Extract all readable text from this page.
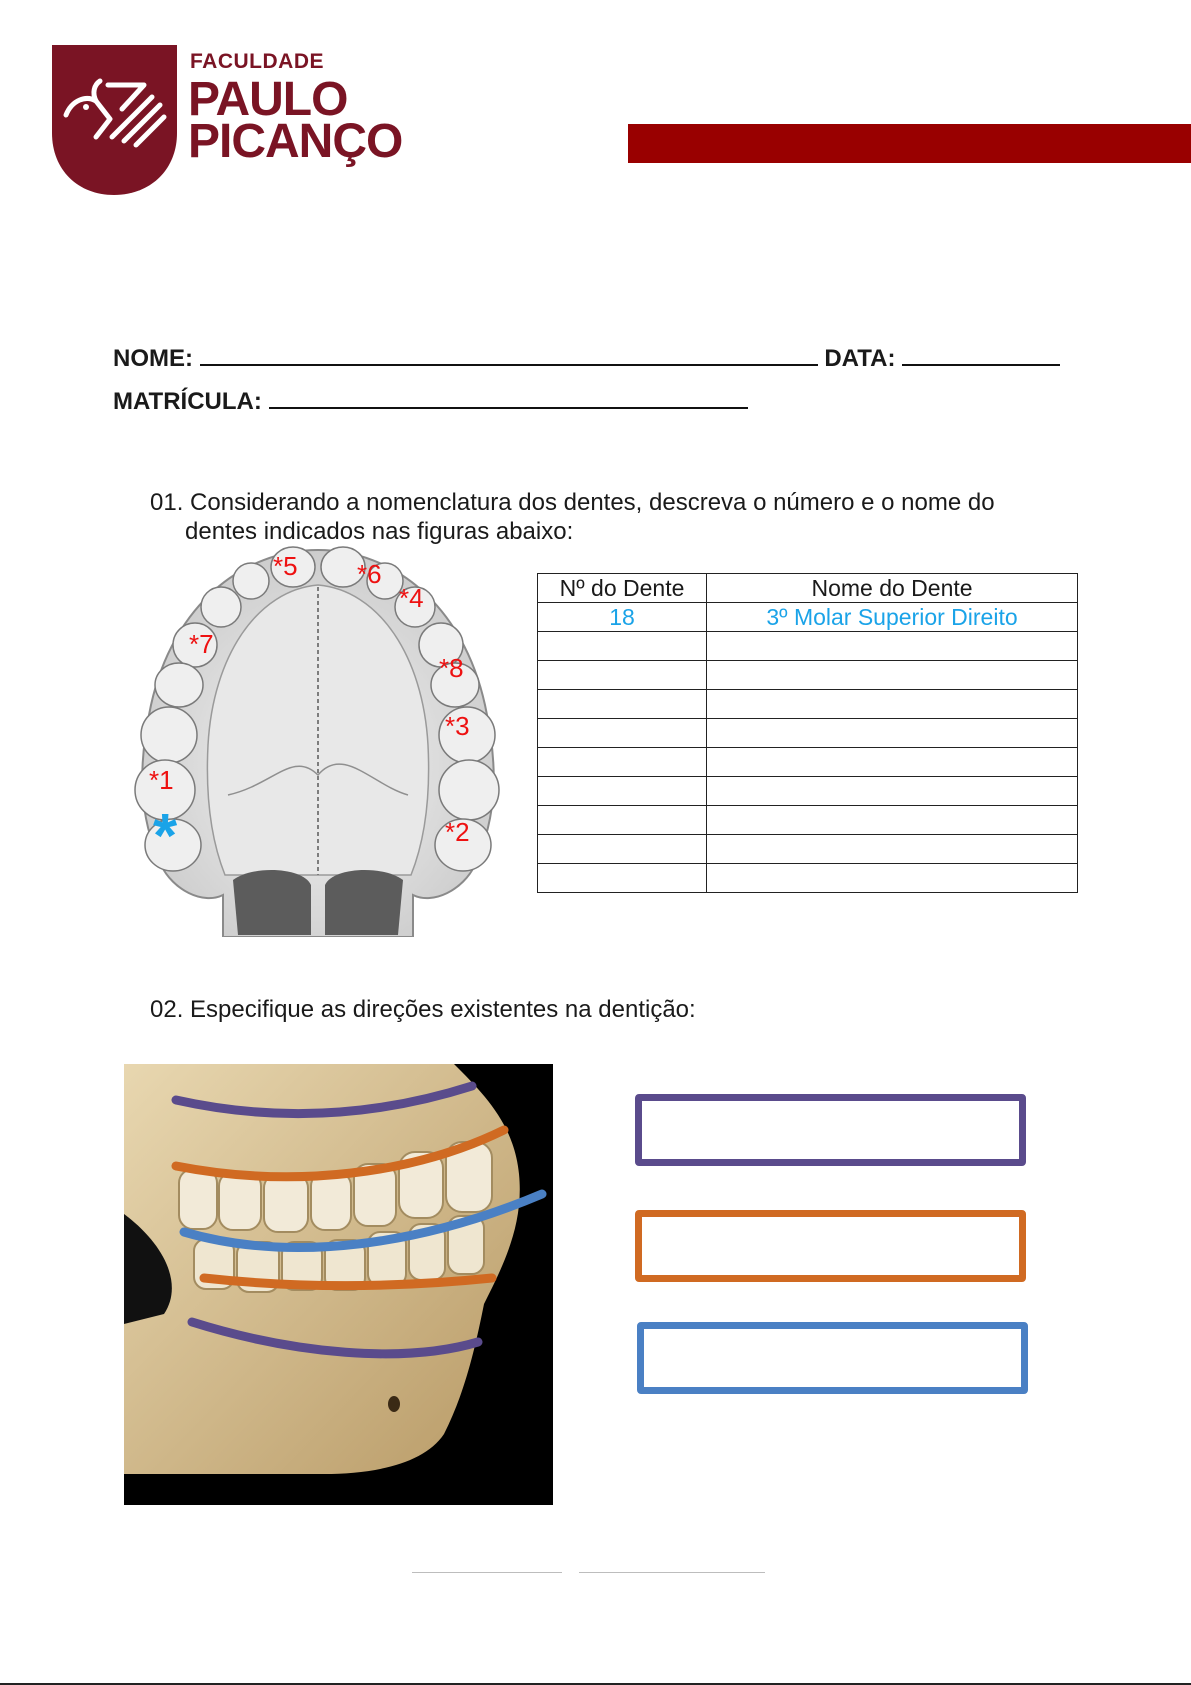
FACULDADE
PAULO
PICANÇO
NOME:	DATA:
MATRÍCULA:
01. Considerando a nomenclatura dos dentes, descreva o número e o nome do
dentes indicados nas figuras abaixo:
*5 *6
*4
*7
*8
*3
*1
*2
*
Nº do Dente	Nome do Dente
18	3º Molar Superior Direito

02. Especifique as direções existentes na dentição:
